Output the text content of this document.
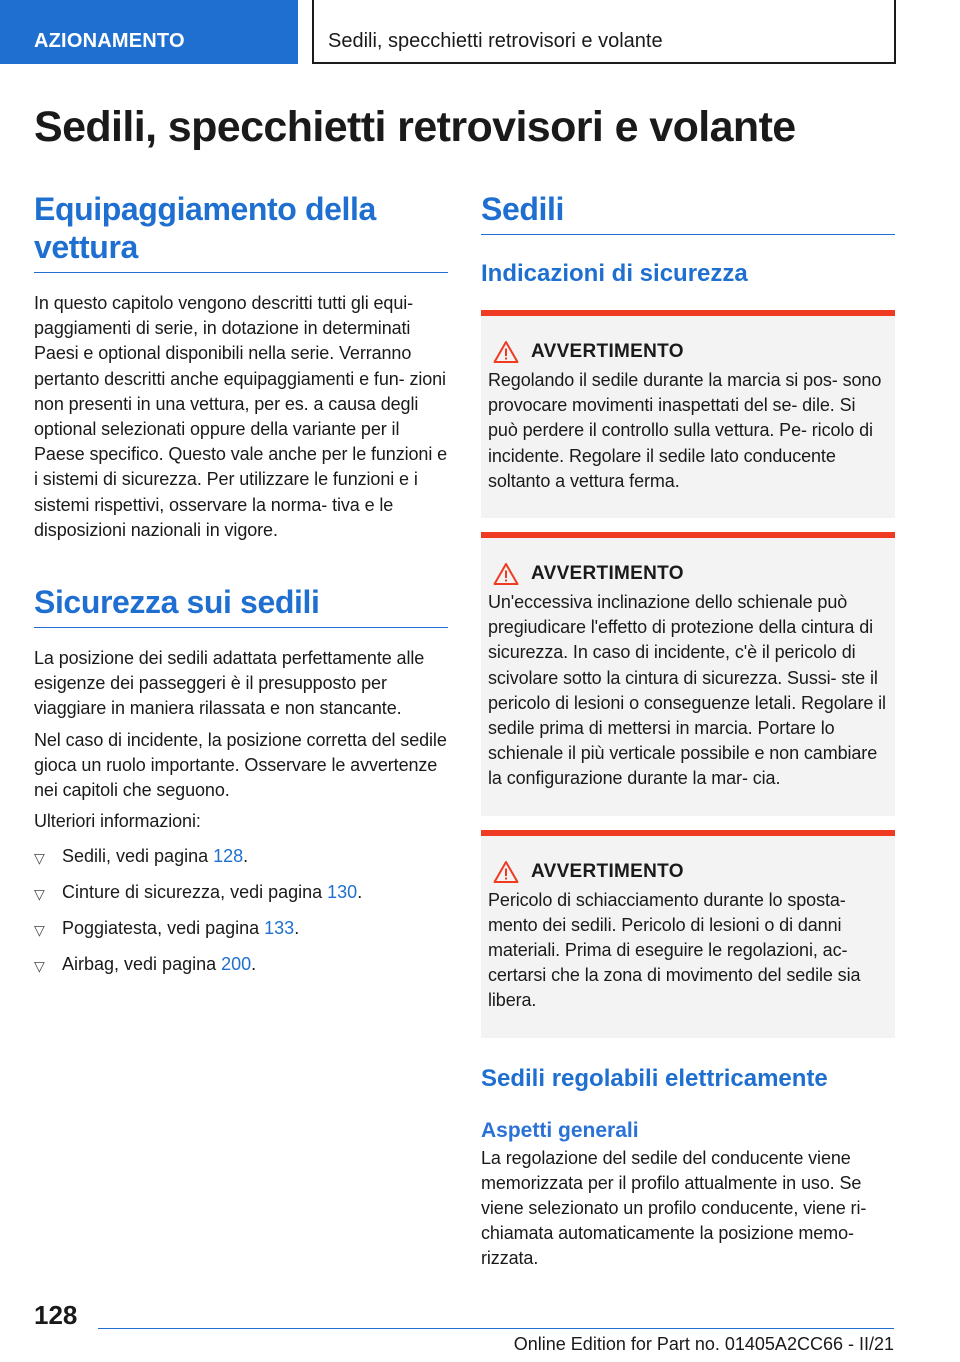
AZIONAMENTO	Sedili, specchietti retrovisori e volante
Sedili, specchietti retrovisori e volante
Equipaggiamento della vettura

In questo capitolo vengono descritti tutti gli equi- paggiamenti di serie, in dotazione in determinati Paesi e optional disponibili nella serie. Verranno pertanto descritti anche equipaggiamenti e fun- zioni non presenti in una vettura, per es. a causa degli optional selezionati oppure della variante per il Paese specifico. Questo vale anche per le funzioni e i sistemi di sicurezza. Per utilizzare le funzioni e i sistemi rispettivi, osservare la norma- tiva e le disposizioni nazionali in vigore.

Sicurezza sui sedili

La posizione dei sedili adattata perfettamente alle esigenze dei passeggeri è il presupposto per viaggiare in maniera rilassata e non stancante.

Nel caso di incidente, la posizione corretta del sedile gioca un ruolo importante. Osservare le avvertenze nei capitoli che seguono.

Ulteriori informazioni:

▽ Sedili, vedi pagina 128.
▽ Cinture di sicurezza, vedi pagina 130.
▽ Poggiatesta, vedi pagina 133.
▽ Airbag, vedi pagina 200.
Sedili
Indicazioni di sicurezza
AVVERTIMENTO

Regolando il sedile durante la marcia si pos- sono provocare movimenti inaspettati del se- dile. Si può perdere il controllo sulla vettura. Pe- ricolo di incidente. Regolare il sedile lato conducente soltanto a vettura ferma.

AVVERTIMENTO

Un'eccessiva inclinazione dello schienale può pregiudicare l'effetto di protezione della cintura di sicurezza. In caso di incidente, c'è il pericolo di scivolare sotto la cintura di sicurezza. Sussi- ste il pericolo di lesioni o conseguenze letali. Regolare il sedile prima di mettersi in marcia. Portare lo schienale il più verticale possibile e non cambiare la configurazione durante la mar- cia.

AVVERTIMENTO

Pericolo di schiacciamento durante lo sposta- mento dei sedili. Pericolo di lesioni o di danni materiali. Prima di eseguire le regolazioni, ac- certarsi che la zona di movimento del sedile sia libera.

Sedili regolabili elettricamente
Aspetti generali

La regolazione del sedile del conducente viene memorizzata per il profilo attualmente in uso. Se viene selezionato un profilo conducente, viene ri- chiamata automaticamente la posizione memo- rizzata.

128
Online Edition for Part no. 01405A2CC66 - II/21
